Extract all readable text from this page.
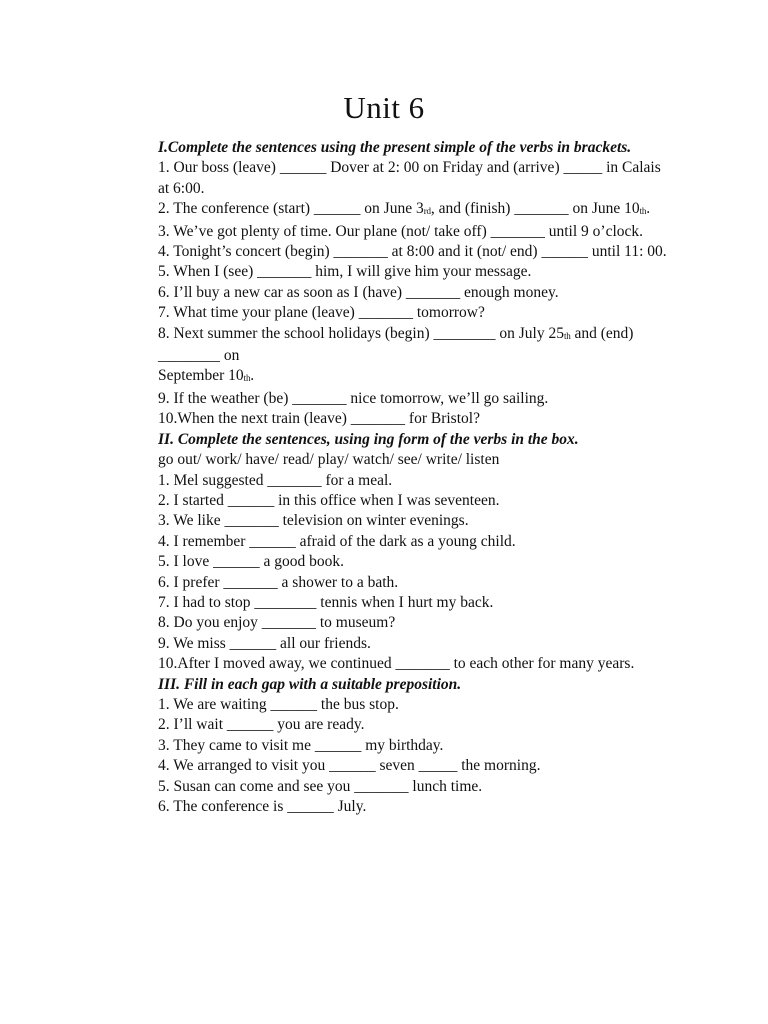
Unit 6

I.Complete the sentences using the present simple of the verbs in brackets.

1. Our boss (leave) ______ Dover at 2: 00 on Friday and (arrive) _____ in Calais at 6:00.

2. The conference (start) ______ on June 3rd, and (finish) _______ on June 10th.

3. We’ve got plenty of time. Our plane (not/ take off) _______ until 9 o’clock.

4. Tonight’s concert (begin) _______ at 8:00 and it (not/ end) ______ until 11: 00.

5. When I (see) _______ him, I will give him your message.

6. I’ll buy a new car as soon as I (have) _______ enough money.

7. What time your plane (leave) _______ tomorrow?

8. Next summer the school holidays (begin) ________ on July 25th and (end) ________ on

September 10th.

9. If the weather (be) _______ nice tomorrow, we’ll go sailing.

10.When the next train (leave) _______ for Bristol?

II. Complete the sentences, using ing form of the verbs in the box.

go out/ work/ have/ read/ play/ watch/ see/ write/ listen

1. Mel suggested _______ for a meal.

2. I started ______ in this office when I was seventeen.

3. We like _______ television on winter evenings.

4. I remember ______ afraid of the dark as a young child.

5. I love ______ a good book.

6. I prefer _______ a shower to a bath.

7. I had to stop ________ tennis when I hurt my back.

8. Do you enjoy _______ to museum?

9. We miss ______ all our friends.

10.After I moved away, we continued _______ to each other for many years.

III. Fill in each gap with a suitable preposition.

1. We are waiting ______ the bus stop.

2. I’ll wait ______ you are ready.

3. They came to visit me ______ my birthday.

4. We arranged to visit you ______ seven _____ the morning.

5. Susan can come and see you _______ lunch time.

6. The conference is ______ July.
